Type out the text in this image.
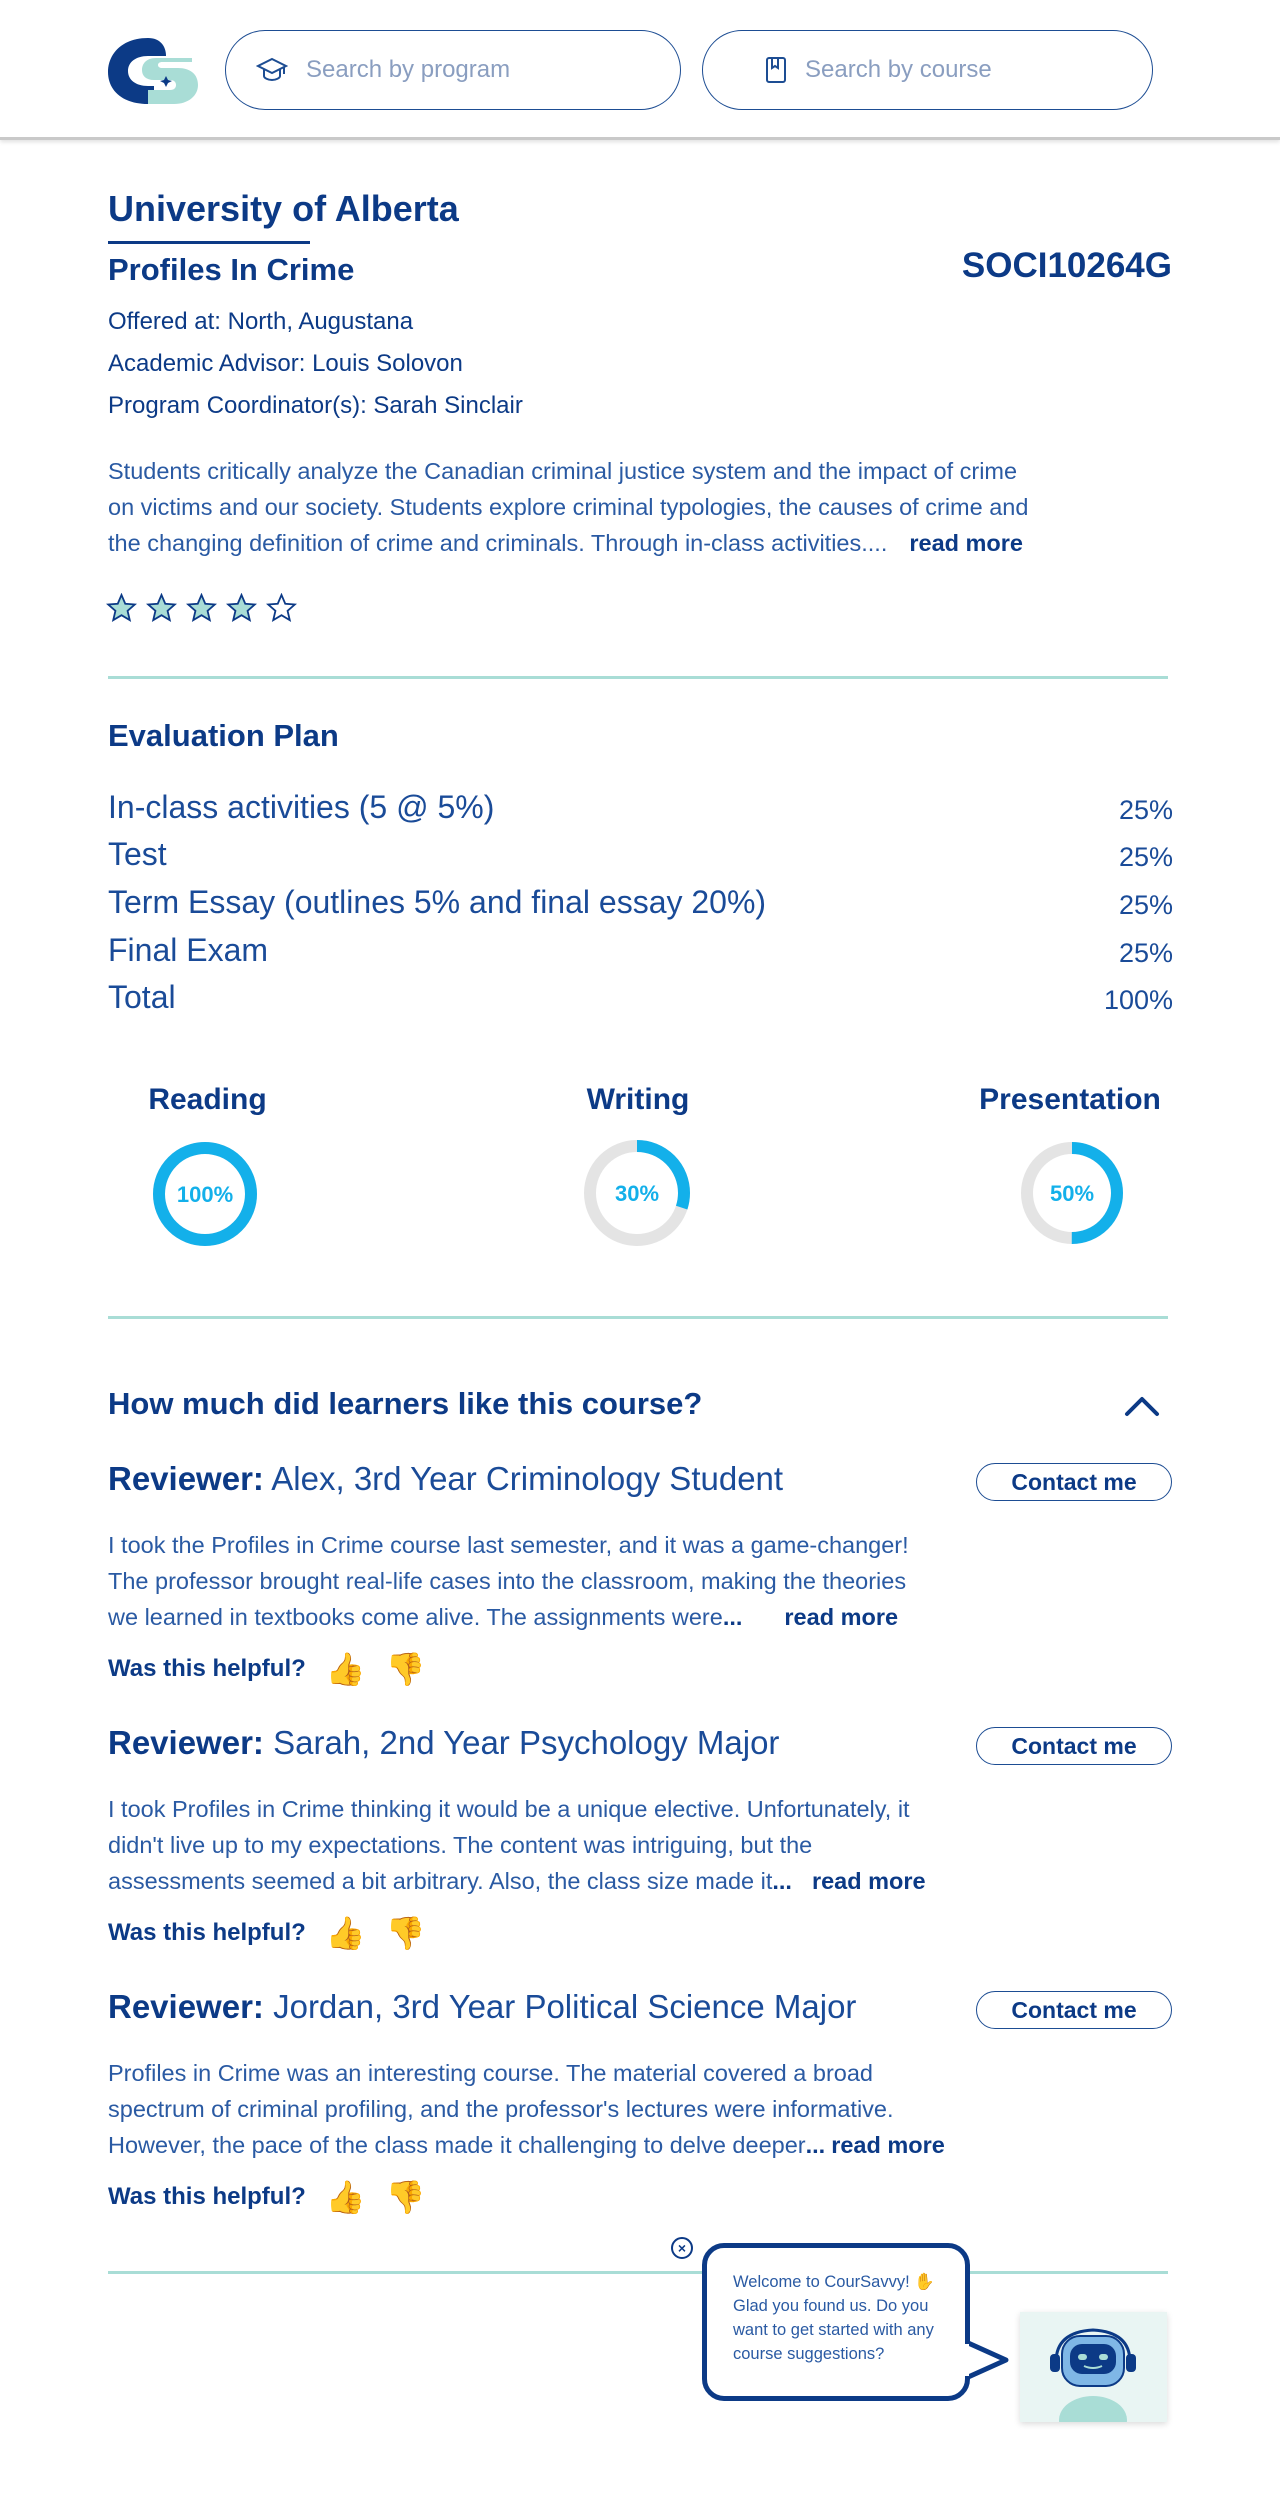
Search by program	Search by course
University of Alberta
Profiles In Crime	SOCI10264G
Offered at: North, Augustana
Academic Advisor: Louis Solovon
Program Coordinator(s): Sarah Sinclair
Students critically analyze the Canadian criminal justice system and the impact of crime
on victims and our society. Students explore criminal typologies, the causes of crime and
the changing definition of crime and criminals. Through in-class activities.... read more
Evaluation Plan
In-class activities (5 @ 5%)	25%
Test	25%
Term Essay (outlines 5% and final essay 20%)	25%
Final Exam	25%
Total	100%
Reading	Writing	Presentation
100%	30%	50%
How much did learners like this course?
Reviewer: Alex, 3rd Year Criminology Student	Contact me
I took the Profiles in Crime course last semester, and it was a game-changer!
The professor brought real-life cases into the classroom, making the theories
we learned in textbooks come alive. The assignments were... read more
Was this helpful? 👍 👎
Reviewer: Sarah, 2nd Year Psychology Major	Contact me
I took Profiles in Crime thinking it would be a unique elective. Unfortunately, it
didn't live up to my expectations. The content was intriguing, but the
assessments seemed a bit arbitrary. Also, the class size made it... read more
Was this helpful? 👍 👎
Reviewer: Jordan, 3rd Year Political Science Major	Contact me
Profiles in Crime was an interesting course. The material covered a broad
spectrum of criminal profiling, and the professor's lectures were informative.
However, the pace of the class made it challenging to delve deeper... read more
Was this helpful? 👍 👎
×
Welcome to CourSavvy! ✋ Glad you found us. Do you want to get started with any course suggestions?
